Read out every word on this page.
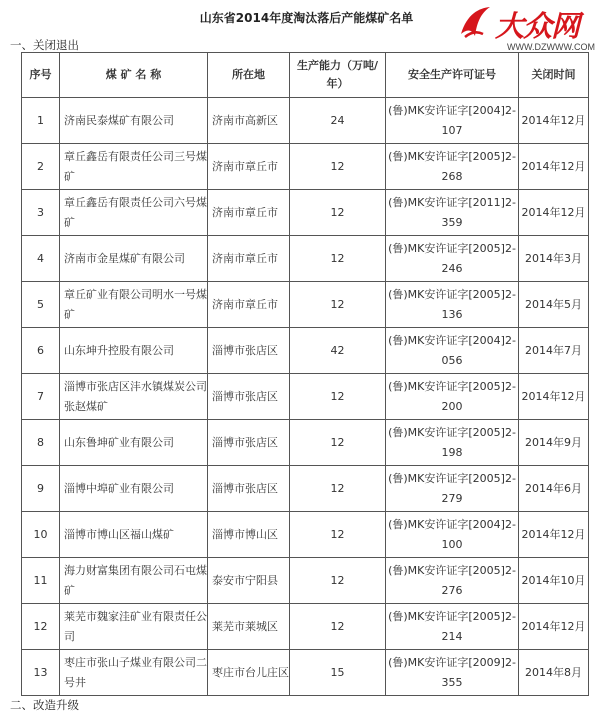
山东省2014年度淘汰落后产能煤矿名单	大众网
WWW.DZWWW.COM
一、关闭退出
序号	煤 矿 名 称	所在地	生产能力（万吨/年）	安全生产许可证号	关闭时间
1	济南民泰煤矿有限公司	济南市高新区	24	(鲁)MK安许证字[2004]2-107	2014年12月
2	章丘鑫岳有限责任公司三号煤矿	济南市章丘市	12	(鲁)MK安许证字[2005]2-268	2014年12月
3	章丘鑫岳有限责任公司六号煤矿	济南市章丘市	12	(鲁)MK安许证字[2011]2-359	2014年12月
4	济南市金星煤矿有限公司	济南市章丘市	12	(鲁)MK安许证字[2005]2-246	2014年3月
5	章丘矿业有限公司明水一号煤矿	济南市章丘市	12	(鲁)MK安许证字[2005]2-136	2014年5月
6	山东坤升控股有限公司	淄博市张店区	42	(鲁)MK安许证字[2004]2-056	2014年7月
7	淄博市张店区沣水镇煤炭公司张赵煤矿	淄博市张店区	12	(鲁)MK安许证字[2005]2-200	2014年12月
8	山东鲁坤矿业有限公司	淄博市张店区	12	(鲁)MK安许证字[2005]2-198	2014年9月
9	淄博中埠矿业有限公司	淄博市张店区	12	(鲁)MK安许证字[2005]2-279	2014年6月
10	淄博市博山区福山煤矿	淄博市博山区	12	(鲁)MK安许证字[2004]2-100	2014年12月
11	海力财富集团有限公司石屯煤矿	泰安市宁阳县	12	(鲁)MK安许证字[2005]2-276	2014年10月
12	莱芜市魏家洼矿业有限责任公司	莱芜市莱城区	12	(鲁)MK安许证字[2005]2-214	2014年12月
13	枣庄市张山子煤业有限公司二号井	枣庄市台儿庄区	15	(鲁)MK安许证字[2009]2-355	2014年8月
二、改造升级
